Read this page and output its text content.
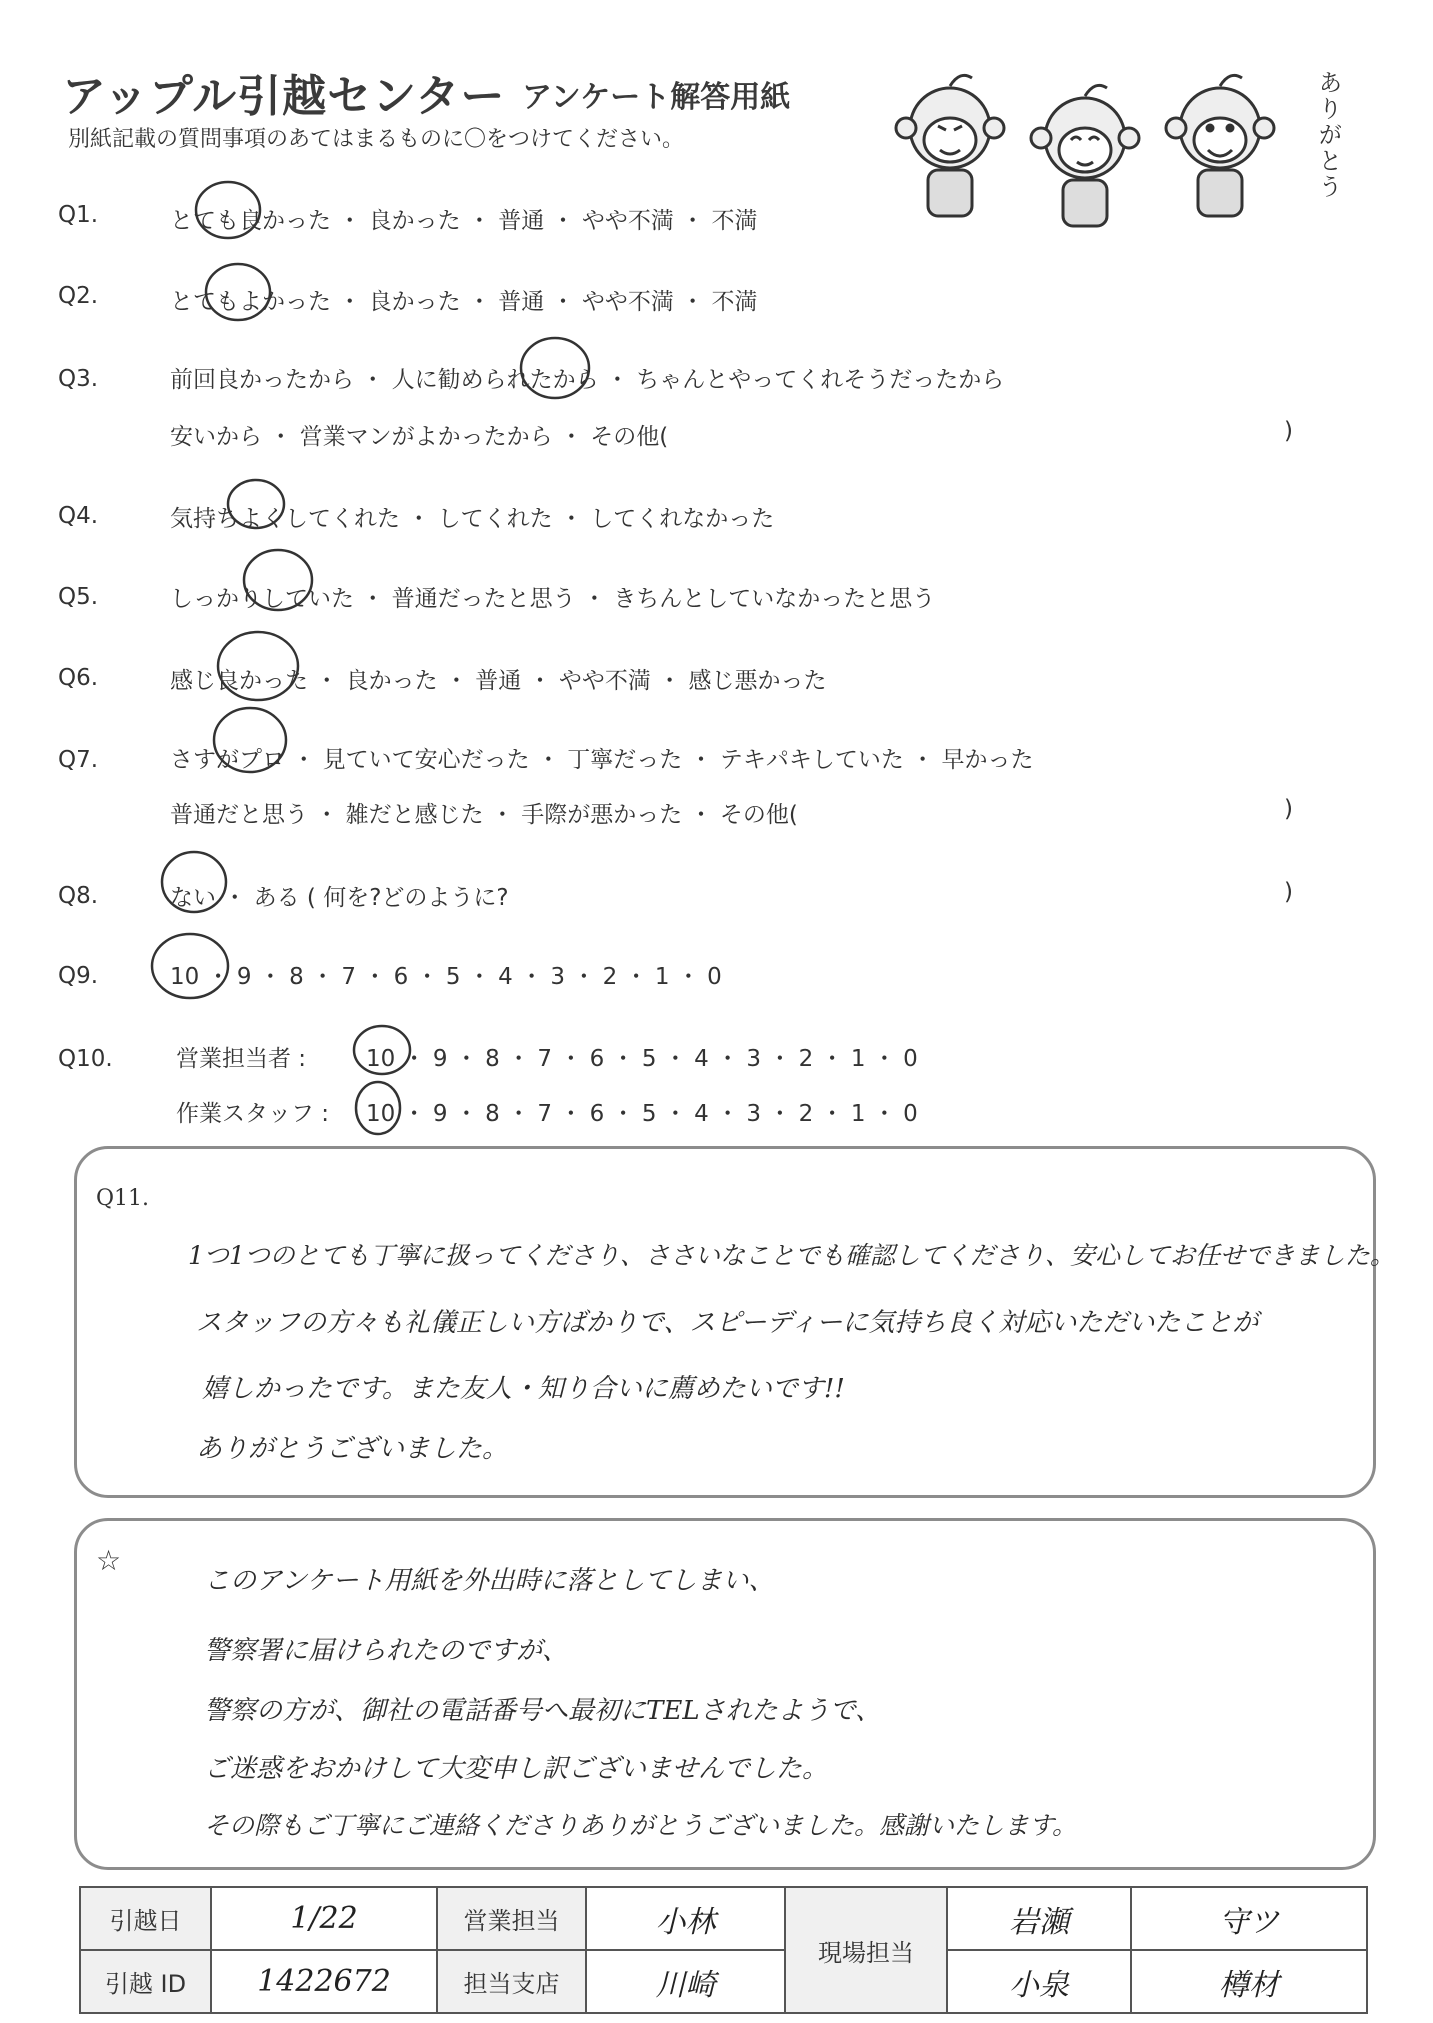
アップル引越センター アンケート解答用紙
別紙記載の質問事項のあてはまるものに〇をつけてください。	ありがとう
Q1.	とても良かった ・ 良かった ・ 普通 ・ やや不満 ・ 不満
Q2.	とてもよかった ・ 良かった ・ 普通 ・ やや不満 ・ 不満
Q3.	前回良かったから ・ 人に勧められたから ・ ちゃんとやってくれそうだったから
安いから ・ 営業マンがよかったから ・ その他(	)
Q4.	気持ちよくしてくれた ・ してくれた ・ してくれなかった
Q5.	しっかりしていた ・ 普通だったと思う ・ きちんとしていなかったと思う
Q6.	感じ良かった ・ 良かった ・ 普通 ・ やや不満 ・ 感じ悪かった
Q7.	さすがプロ ・ 見ていて安心だった ・ 丁寧だった ・ テキパキしていた ・ 早かった
普通だと思う ・ 雑だと感じた ・ 手際が悪かった ・ その他(	)
Q8.	ない ・ ある ( 何を?どのように?	)
Q9.	10 ・ 9 ・ 8 ・ 7 ・ 6 ・ 5 ・ 4 ・ 3 ・ 2 ・ 1 ・ 0
Q10.	営業担当者 :	10 ・ 9 ・ 8 ・ 7 ・ 6 ・ 5 ・ 4 ・ 3 ・ 2 ・ 1 ・ 0
作業スタッフ : 10 ・ 9 ・ 8 ・ 7 ・ 6 ・ 5 ・ 4 ・ 3 ・ 2 ・ 1 ・ 0
Q11.
1つ1つのとても丁寧に扱ってくださり、ささいなことでも確認してくださり、安心してお任せできました。
スタッフの方々も礼儀正しい方ばかりで、スピーディーに気持ち良く対応いただいたことが
嬉しかったです。また友人・知り合いに薦めたいです!!
ありがとうございました。
☆
このアンケート用紙を外出時に落としてしまい、
警察署に届けられたのですが、
警察の方が、御社の電話番号へ最初にTELされたようで、
ご迷惑をおかけして大変申し訳ございませんでした。
その際もご丁寧にご連絡くださりありがとうございました。感謝いたします。
引越日	1/22	営業担当	小林	現場担当	岩瀬	守ツ
引越 ID	1422672	担当支店	川崎		小泉	樽材
